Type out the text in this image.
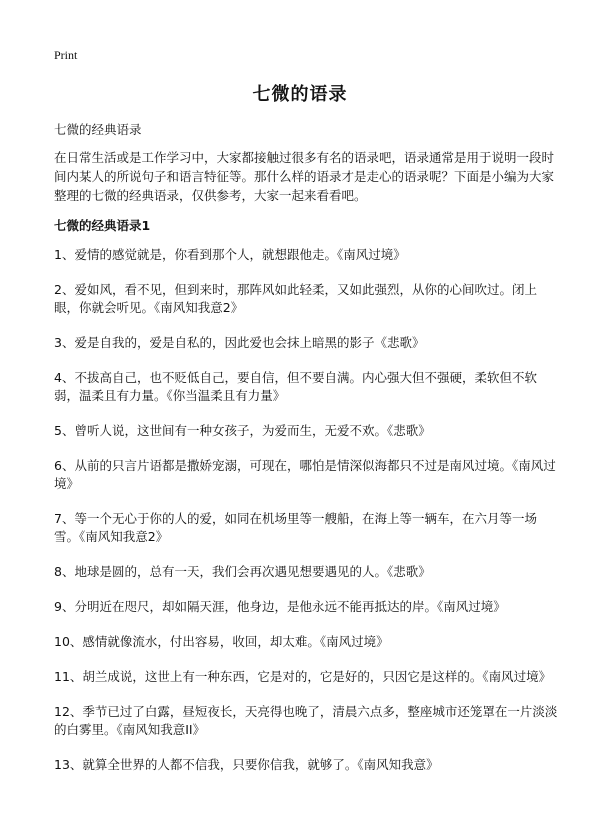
Print
七微的语录

七微的经典语录

在日常生活或是工作学习中，大家都接触过很多有名的语录吧，语录通常是用于说明一段时间内某人的所说句子和语言特征等。那什么样的语录才是走心的语录呢？下面是小编为大家整理的七微的经典语录，仅供参考，大家一起来看看吧。

七微的经典语录1
1、爱情的感觉就是，你看到那个人，就想跟他走。《南风过境》
2、爱如风，看不见，但到来时，那阵风如此轻柔，又如此强烈，从你的心间吹过。闭上眼，你就会听见。《南风知我意2》
3、爱是自我的，爱是自私的，因此爱也会抹上暗黑的影子《悲歌》
4、不拔高自己，也不贬低自己，要自信，但不要自满。内心强大但不强硬，柔软但不软弱，温柔且有力量。《你当温柔且有力量》
5、曾听人说，这世间有一种女孩子，为爱而生，无爱不欢。《悲歌》
6、从前的只言片语都是撒娇宠溺，可现在，哪怕是情深似海都只不过是南风过境。《南风过境》
7、等一个无心于你的人的爱，如同在机场里等一艘船，在海上等一辆车，在六月等一场雪。《南风知我意2》
8、地球是圆的，总有一天，我们会再次遇见想要遇见的人。《悲歌》
9、分明近在咫尺，却如隔天涯，他身边，是他永远不能再抵达的岸。《南风过境》
10、感情就像流水，付出容易，收回，却太难。《南风过境》
11、胡兰成说，这世上有一种东西，它是对的，它是好的，只因它是这样的。《南风过境》
12、季节已过了白露，昼短夜长，天亮得也晚了，清晨六点多，整座城市还笼罩在一片淡淡的白雾里。《南风知我意II》
13、就算全世界的人都不信我，只要你信我，就够了。《南风知我意》
